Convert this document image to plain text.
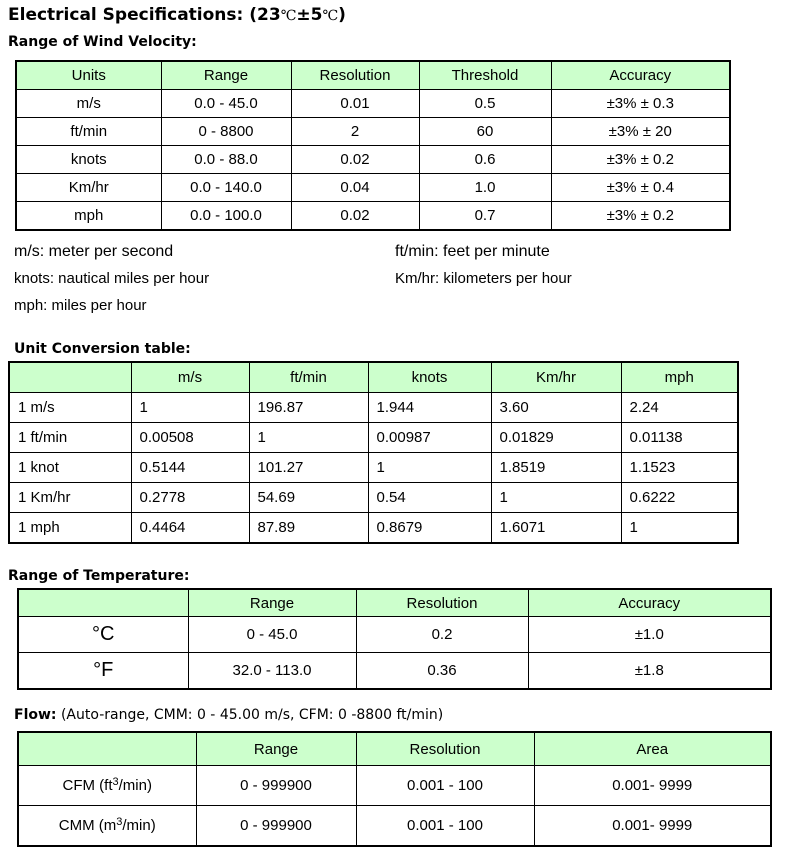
Electrical Specifications: (23℃±5℃)
Range of Wind Velocity:
Units	Range	Resolution	Threshold	Accuracy
m/s	0.0 - 45.0	0.01	0.5	±3% ± 0.3
ft/min	0 - 8800	2	60	±3% ± 20
knots	0.0 - 88.0	0.02	0.6	±3% ± 0.2
Km/hr	0.0 - 140.0	0.04	1.0	±3% ± 0.4
mph	0.0 - 100.0	0.02	0.7	±3% ± 0.2
m/s: meter per second	ft/min: feet per minute
knots: nautical miles per hour	Km/hr: kilometers per hour
mph: miles per hour
Unit Conversion table:
	m/s	ft/min	knots	Km/hr	mph
1 m/s	1	196.87	1.944	3.60	2.24
1 ft/min	0.00508	1	0.00987	0.01829	0.01138
1 knot	0.5144	101.27	1	1.8519	1.1523
1 Km/hr	0.2778	54.69	0.54	1	0.6222
1 mph	0.4464	87.89	0.8679	1.6071	1
Range of Temperature:
	Range	Resolution	Accuracy
°C	0 - 45.0	0.2	±1.0
°F	32.0 - 113.0	0.36	±1.8
Flow: (Auto-range, CMM: 0 - 45.00 m/s, CFM: 0 -8800 ft/min)
	Range	Resolution	Area
CFM $(ft^3/\min)$	0 - 999900	0.001 - 100	0.001- 9999
CMM $(m^3/\min)$	0 - 999900	0.001 - 100	0.001- 9999
